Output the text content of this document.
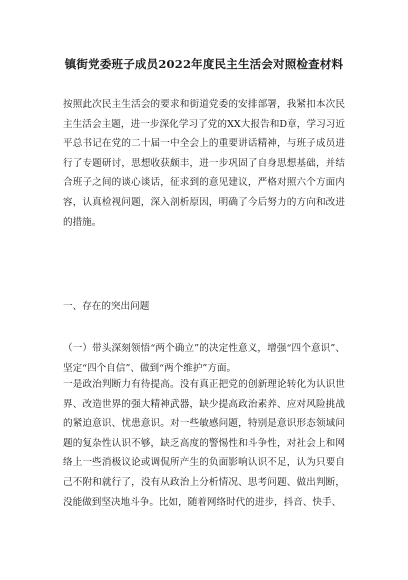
镇街党委班子成员2022年度民主生活会对照检查材料

按照此次民主生活会的要求和街道党委的安排部署，我紧扣本次民主生活会主题，进一步深化学习了党的XX大报告和D章，学习习近平总书记在党的二十届一中全会上的重要讲话精神，与班子成员进行了专题研讨，思想收获颇丰，进一步巩固了自身思想基础，并结合班子之间的谈心谈话，征求到的意见建议，严格对照六个方面内容，认真检视问题，深入剖析原因，明确了今后努力的方向和改进的措施。

一、存在的突出问题

（一）带头深刻领悟“两个确立”的决定性意义，增强“四个意识”、坚定“四个自信”、做到“两个维护”方面。

一是政治判断力有待提高。没有真正把党的创新理论转化为认识世界、改造世界的强大精神武器，缺少提高政治素养、应对风险挑战的紧迫意识、忧患意识。对一些敏感问题，特别是意识形态领域问题的复杂性认识不够，缺乏高度的警惕性和斗争性，对社会上和网络上一些消极议论或调侃所产生的负面影响认识不足，认为只要自己不附和就行了，没有从政治上分析情况、思考问题、做出判断，没能做到坚决地斗争。比如，随着网络时代的进步，抖音、快手、
